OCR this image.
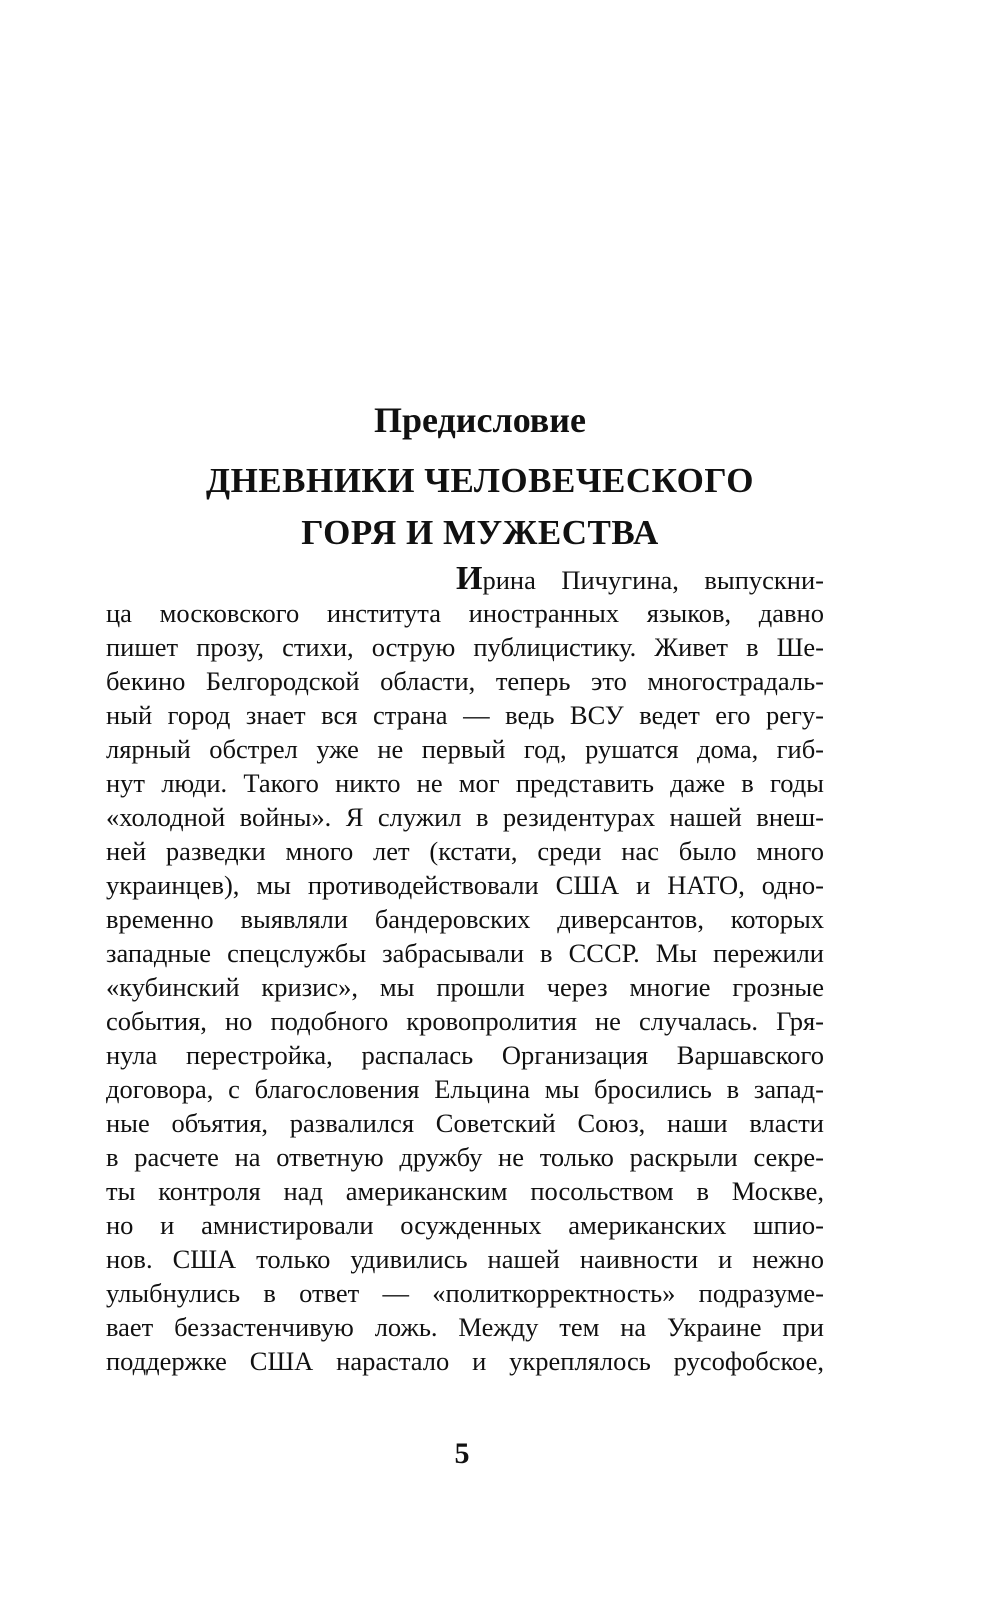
Предисловие
ДНЕВНИКИ ЧЕЛОВЕЧЕСКОГО
ГОРЯ И МУЖЕСТВА
Ирина Пичугина, выпускни-
ца московского института иностранных языков, давно
пишет прозу, стихи, острую публицистику. Живет в Ше-
бекино Белгородской области, теперь это многострадаль-
ный город знает вся страна — ведь ВСУ ведет его регу-
лярный обстрел уже не первый год, рушатся дома, гиб-
нут люди. Такого никто не мог представить даже в годы
«холодной войны». Я служил в резидентурах нашей внеш-
ней разведки много лет (кстати, среди нас было много
украинцев), мы противодействовали США и НАТО, одно-
временно выявляли бандеровских диверсантов, которых
западные спецслужбы забрасывали в СССР. Мы пережили
«кубинский кризис», мы прошли через многие грозные
события, но подобного кровопролития не случалась. Гря-
нула перестройка, распалась Организация Варшавского
договора, с благословения Ельцина мы бросились в запад-
ные объятия, развалился Советский Союз, наши власти
в расчете на ответную дружбу не только раскрыли секре-
ты контроля над американским посольством в Москве,
но и амнистировали осужденных американских шпио-
нов. США только удивились нашей наивности и нежно
улыбнулись в ответ — «политкорректность» подразуме-
вает беззастенчивую ложь. Между тем на Украине при
поддержке США нарастало и укреплялось русофобское,
5
